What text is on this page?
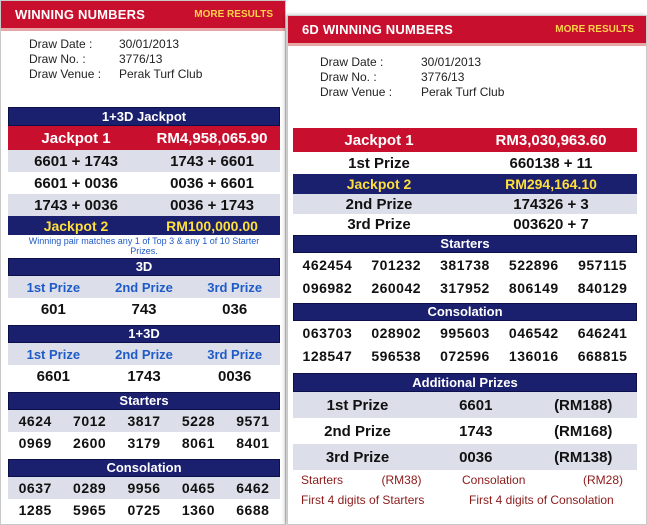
WINNING NUMBERS	MORE RESULTS
Draw Date :	30/01/2013
Draw No. :	3776/13
Draw Venue :	Perak Turf Club
1+3D Jackpot
Jackpot 1	RM4,958,065.90
6601 + 1743	1743 + 6601
6601 + 0036	0036 + 6601
1743 + 0036	0036 + 1743
Jackpot 2	RM100,000.00
Winning pair matches any 1 of Top 3 & any 1 of 10 Starter Prizes.
3D
1st Prize	2nd Prize	3rd Prize
601	743	036
1+3D
1st Prize	2nd Prize	3rd Prize
6601	1743	0036
Starters
4624	7012	3817	5228	9571
0969	2600	3179	8061	8401
Consolation
0637	0289	9956	0465	6462
1285	5965	0725	1360	6688
6D WINNING NUMBERS	MORE RESULTS
Draw Date :	30/01/2013
Draw No. :	3776/13
Draw Venue :	Perak Turf Club
Jackpot 1	RM3,030,963.60
1st Prize	660138 + 11
Jackpot 2	RM294,164.10
2nd Prize	174326 + 3
3rd Prize	003620 + 7
Starters
462454	701232	381738	522896	957115
096982	260042	317952	806149	840129
Consolation
063703	028902	995603	046542	646241
128547	596538	072596	136016	668815
Additional Prizes
1st Prize	6601	(RM188)
2nd Prize	1743	(RM168)
3rd Prize	0036	(RM138)
Starters	(RM38)	Consolation	(RM28)
First 4 digits of Starters	First 4 digits of Consolation
